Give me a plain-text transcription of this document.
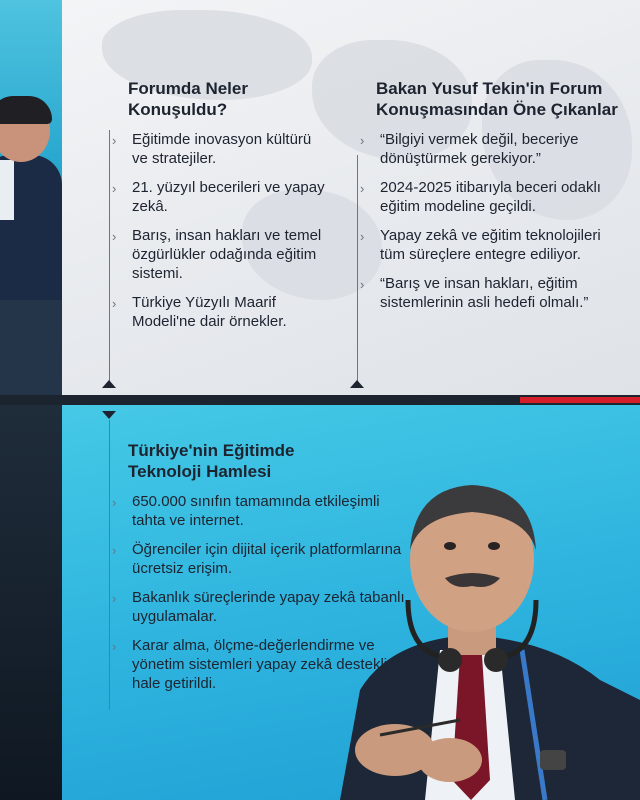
Forumda Neler Konuşuldu?
› Eğitimde inovasyon kültürü ve stratejiler.
› 21. yüzyıl becerileri ve yapay zekâ.
› Barış, insan hakları ve temel özgürlükler odağında eğitim sistemi.
› Türkiye Yüzyılı Maarif Modeli'ne dair örnekler.
Bakan Yusuf Tekin'in Forum Konuşmasından Öne Çıkanlar
› “Bilgiyi vermek değil, beceriye dönüştürmek gerekiyor.”
› 2024-2025 itibarıyla beceri odaklı eğitim modeline geçildi.
› Yapay zekâ ve eğitim teknolojileri tüm süreçlere entegre ediliyor.
› “Barış ve insan hakları, eğitim sistemlerinin asli hedefi olmalı.”
Türkiye'nin Eğitimde Teknoloji Hamlesi
› 650.000 sınıfın tamamında etkileşimli tahta ve internet.
› Öğrenciler için dijital içerik platformlarına ücretsiz erişim.
› Bakanlık süreçlerinde yapay zekâ tabanlı uygulamalar.
› Karar alma, ölçme-değerlendirme ve yönetim sistemleri yapay zekâ destekli hale getirildi.
